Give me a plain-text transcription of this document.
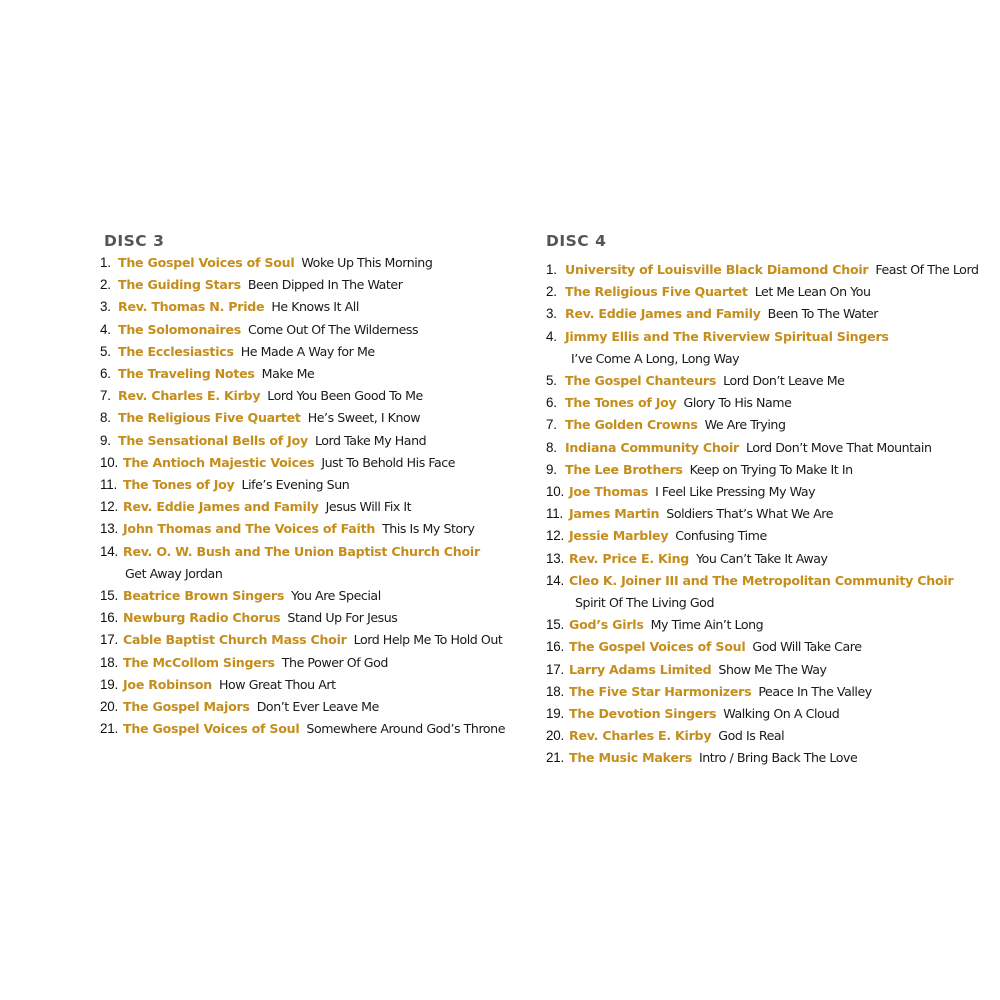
DISC 3
1. The Gospel Voices of Soul Woke Up This Morning
2. The Guiding Stars Been Dipped In The Water
3. Rev. Thomas N. Pride He Knows It All
4. The Solomonaires Come Out Of The Wilderness
5. The Ecclesiastics He Made A Way for Me
6. The Traveling Notes Make Me
7. Rev. Charles E. Kirby Lord You Been Good To Me
8. The Religious Five Quartet He’s Sweet, I Know
9. The Sensational Bells of Joy Lord Take My Hand
10. The Antioch Majestic Voices Just To Behold His Face
11. The Tones of Joy Life’s Evening Sun
12. Rev. Eddie James and Family Jesus Will Fix It
13. John Thomas and The Voices of Faith This Is My Story
14. Rev. O. W. Bush and The Union Baptist Church Choir
Get Away Jordan
15. Beatrice Brown Singers You Are Special
16. Newburg Radio Chorus Stand Up For Jesus
17. Cable Baptist Church Mass Choir Lord Help Me To Hold Out
18. The McCollom Singers The Power Of God
19. Joe Robinson How Great Thou Art
20. The Gospel Majors Don’t Ever Leave Me
21. The Gospel Voices of Soul Somewhere Around God’s Throne
DISC 4
1. University of Louisville Black Diamond Choir Feast Of The Lord
2. The Religious Five Quartet Let Me Lean On You
3. Rev. Eddie James and Family Been To The Water
4. Jimmy Ellis and The Riverview Spiritual Singers
I’ve Come A Long, Long Way
5. The Gospel Chanteurs Lord Don’t Leave Me
6. The Tones of Joy Glory To His Name
7. The Golden Crowns We Are Trying
8. Indiana Community Choir Lord Don’t Move That Mountain
9. The Lee Brothers Keep on Trying To Make It In
10. Joe Thomas I Feel Like Pressing My Way
11. James Martin Soldiers That’s What We Are
12. Jessie Marbley Confusing Time
13. Rev. Price E. King You Can’t Take It Away
14. Cleo K. Joiner III and The Metropolitan Community Choir
Spirit Of The Living God
15. God’s Girls My Time Ain’t Long
16. The Gospel Voices of Soul God Will Take Care
17. Larry Adams Limited Show Me The Way
18. The Five Star Harmonizers Peace In The Valley
19. The Devotion Singers Walking On A Cloud
20. Rev. Charles E. Kirby God Is Real
21. The Music Makers Intro / Bring Back The Love
